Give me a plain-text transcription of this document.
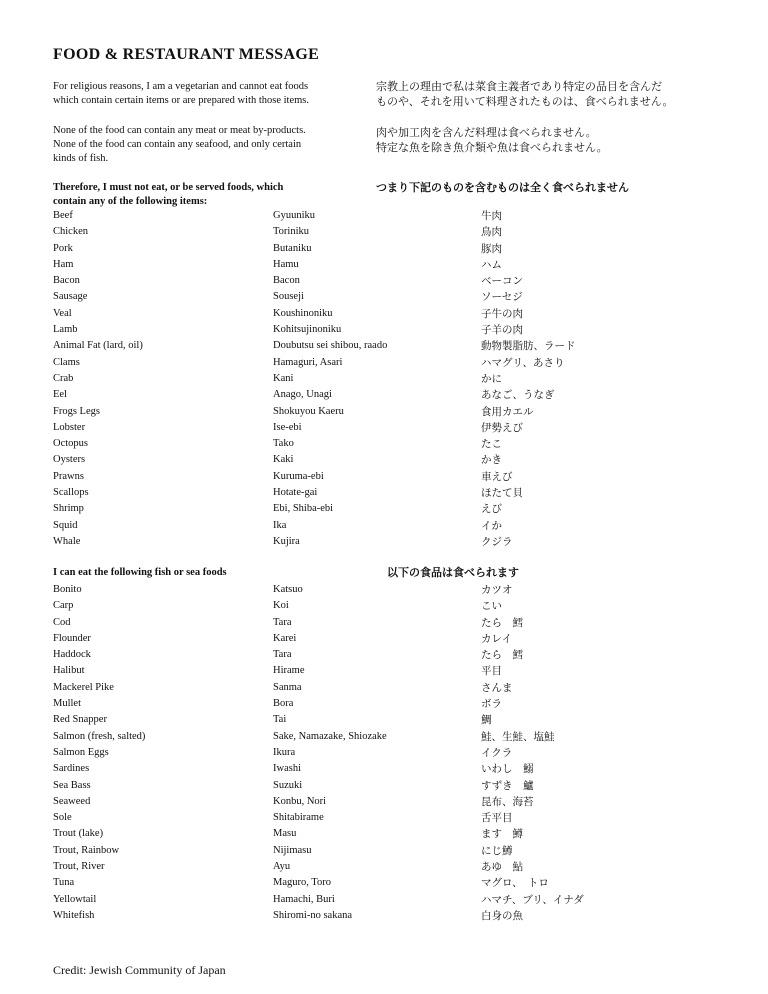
FOOD & RESTAURANT MESSAGE
For religious reasons, I am a vegetarian and cannot eat foods
which contain certain items or are prepared with those items.
宗教上の理由で私は菜食主義者であり特定の品目を含んだ
ものや、それを用いて料理されたものは、食べられません。
None of the food can contain any meat or meat by-products.
None of the food can contain any seafood, and only certain
kinds of fish.
肉や加工肉を含んだ料理は食べられません。
特定な魚を除き魚介類や魚は食べられません。
Therefore, I must not eat, or be served foods, which
contain any of the following items:
つまり下記のものを含むものは全く食べられません
Beef	Gyuuniku	牛肉
Chicken	Toriniku	鳥肉
Pork	Butaniku	豚肉
Ham	Hamu	ハム
Bacon	Bacon	ベーコン
Sausage	Souseji	ソーセジ
Veal	Koushinoniku	子牛の肉
Lamb	Kohitsujinoniku	子羊の肉
Animal Fat (lard, oil)	Doubutsu sei shibou, raado	動物製脂肪、ラード
Clams	Hamaguri, Asari	ハマグリ、あさり
Crab	Kani	かに
Eel	Anago, Unagi	あなご、うなぎ
Frogs Legs	Shokuyou Kaeru	食用カエル
Lobster	Ise-ebi	伊勢えび
Octopus	Tako	たこ
Oysters	Kaki	かき
Prawns	Kuruma-ebi	車えび
Scallops	Hotate-gai	ほたて貝
Shrimp	Ebi, Shiba-ebi	えび
Squid	Ika	イか
Whale	Kujira	クジラ
I can eat the following fish or sea foods	以下の食品は食べられます
Bonito	Katsuo	カツオ
Carp	Koi	こい
Cod	Tara	たら　鱈
Flounder	Karei	カレイ
Haddock	Tara	たら　鱈
Halibut	Hirame	平目
Mackerel Pike	Sanma	さんま
Mullet	Bora	ボラ
Red Snapper	Tai	鯛
Salmon (fresh, salted)	Sake, Namazake, Shiozake	鮭、生鮭、塩鮭
Salmon Eggs	Ikura	イクラ
Sardines	Iwashi	いわし　鰯
Sea Bass	Suzuki	すずき　鱸
Seaweed	Konbu, Nori	昆布、海苔
Sole	Shitabirame	舌平目
Trout (lake)	Masu	ます　鱒
Trout, Rainbow	Nijimasu	にじ鱒
Trout, River	Ayu	あゆ　鮎
Tuna	Maguro, Toro	マグロ、　トロ
Yellowtail	Hamachi, Buri	ハマチ、ブリ、イナダ
Whitefish	Shiromi-no sakana	白身の魚
Credit: Jewish Community of Japan
